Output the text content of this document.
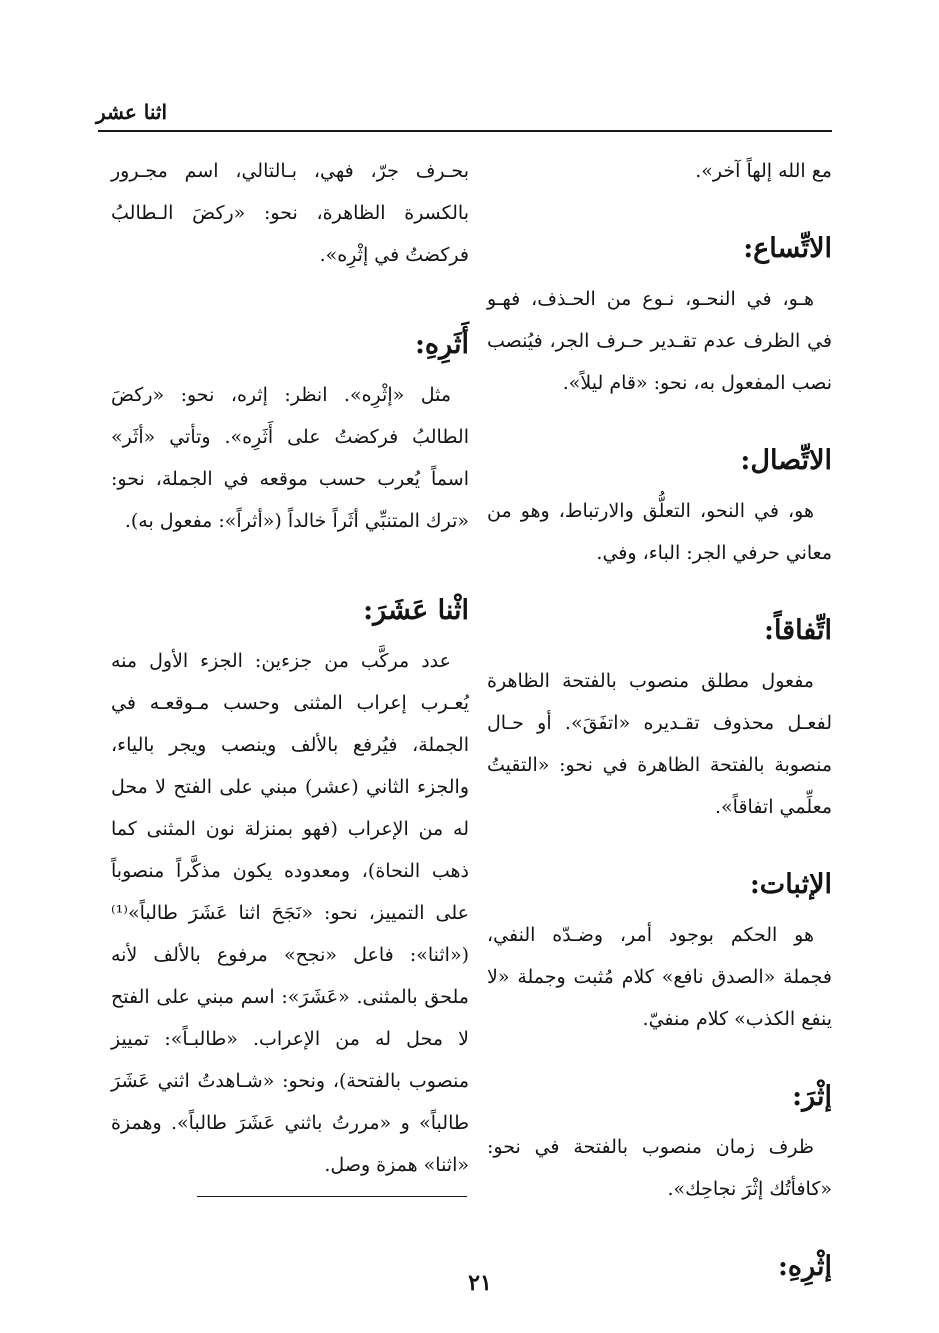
اثنا عشر

مع الله إلهاً آخر».

الاتِّساع:

هـو، في النحـو، نـوع من الحـذف، فهـو في الظرف عدم تقـدير حـرف الجر، فيُنصب نصب المفعول به، نحو: «قام ليلاً».

الاتِّصال:

هو، في النحو، التعلُّق والارتباط، وهو من معاني حرفي الجر: الباء، وفي.

اتِّفاقاً:

مفعول مطلق منصوب بالفتحة الظاهرة لفعـل محذوف تقـديره «اتفَقَ». أو حـال منصوبة بالفتحة الظاهرة في نحو: «التقيتُ معلِّمي اتفاقاً».

الإثبات:

هو الحكم بوجود أمر، وضـدّه النفي، فجملة «الصدق نافع» كلام مُثبت وجملة «لا ينفع الكذب» كلام منفيّ.

إثْرَ:

ظرف زمان منصوب بالفتحة في نحو: «كافأتُك إثْرَ نجاحِك».

إثْرِهِ:

بحـرف جرّ، فهي، بـالتالي، اسم مجـرور بالكسرة الظاهرة، نحو: «ركضَ الـطالبُ فركضتُ في إثْرِه».

أَثَرِهِ:

مثل «إثْرِه». انظر: إثره، نحو: «ركضَ الطالبُ فركضتُ على أَثَرِه». وتأتي «أثَر» اسماً يُعرب حسب موقعه في الجملة، نحو: «ترك المتنبِّي أثَراً خالداً («أثراً»: مفعول به).

اثْنا عَشَرَ:

عدد مركَّب من جزءين: الجزء الأول منه يُعـرب إعراب المثنى وحسب مـوقعـه في الجملة، فيُرفع بالألف وينصب ويجر بالياء، والجزء الثاني (عشر) مبني على الفتح لا محل له من الإعراب (فهو بمنزلة نون المثنى كما ذهب النحاة)، ومعدوده يكون مذكَّراً منصوباً على التمييز، نحو: «نَجَحَ اثنا عَشَرَ طالباً»⁽¹⁾ («اثنا»: فاعل «نجح» مرفوع بالألف لأنه ملحق بالمثنى. «عَشَرَ»: اسم مبني على الفتح لا محل له من الإعراب. «طالبـاً»: تمييز منصوب بالفتحة)، ونحو: «شـاهدتُ اثني عَشَرَ طالباً» و «مررتُ باثني عَشَرَ طالباً». وهمزة «اثنا» همزة وصل.

٢١
